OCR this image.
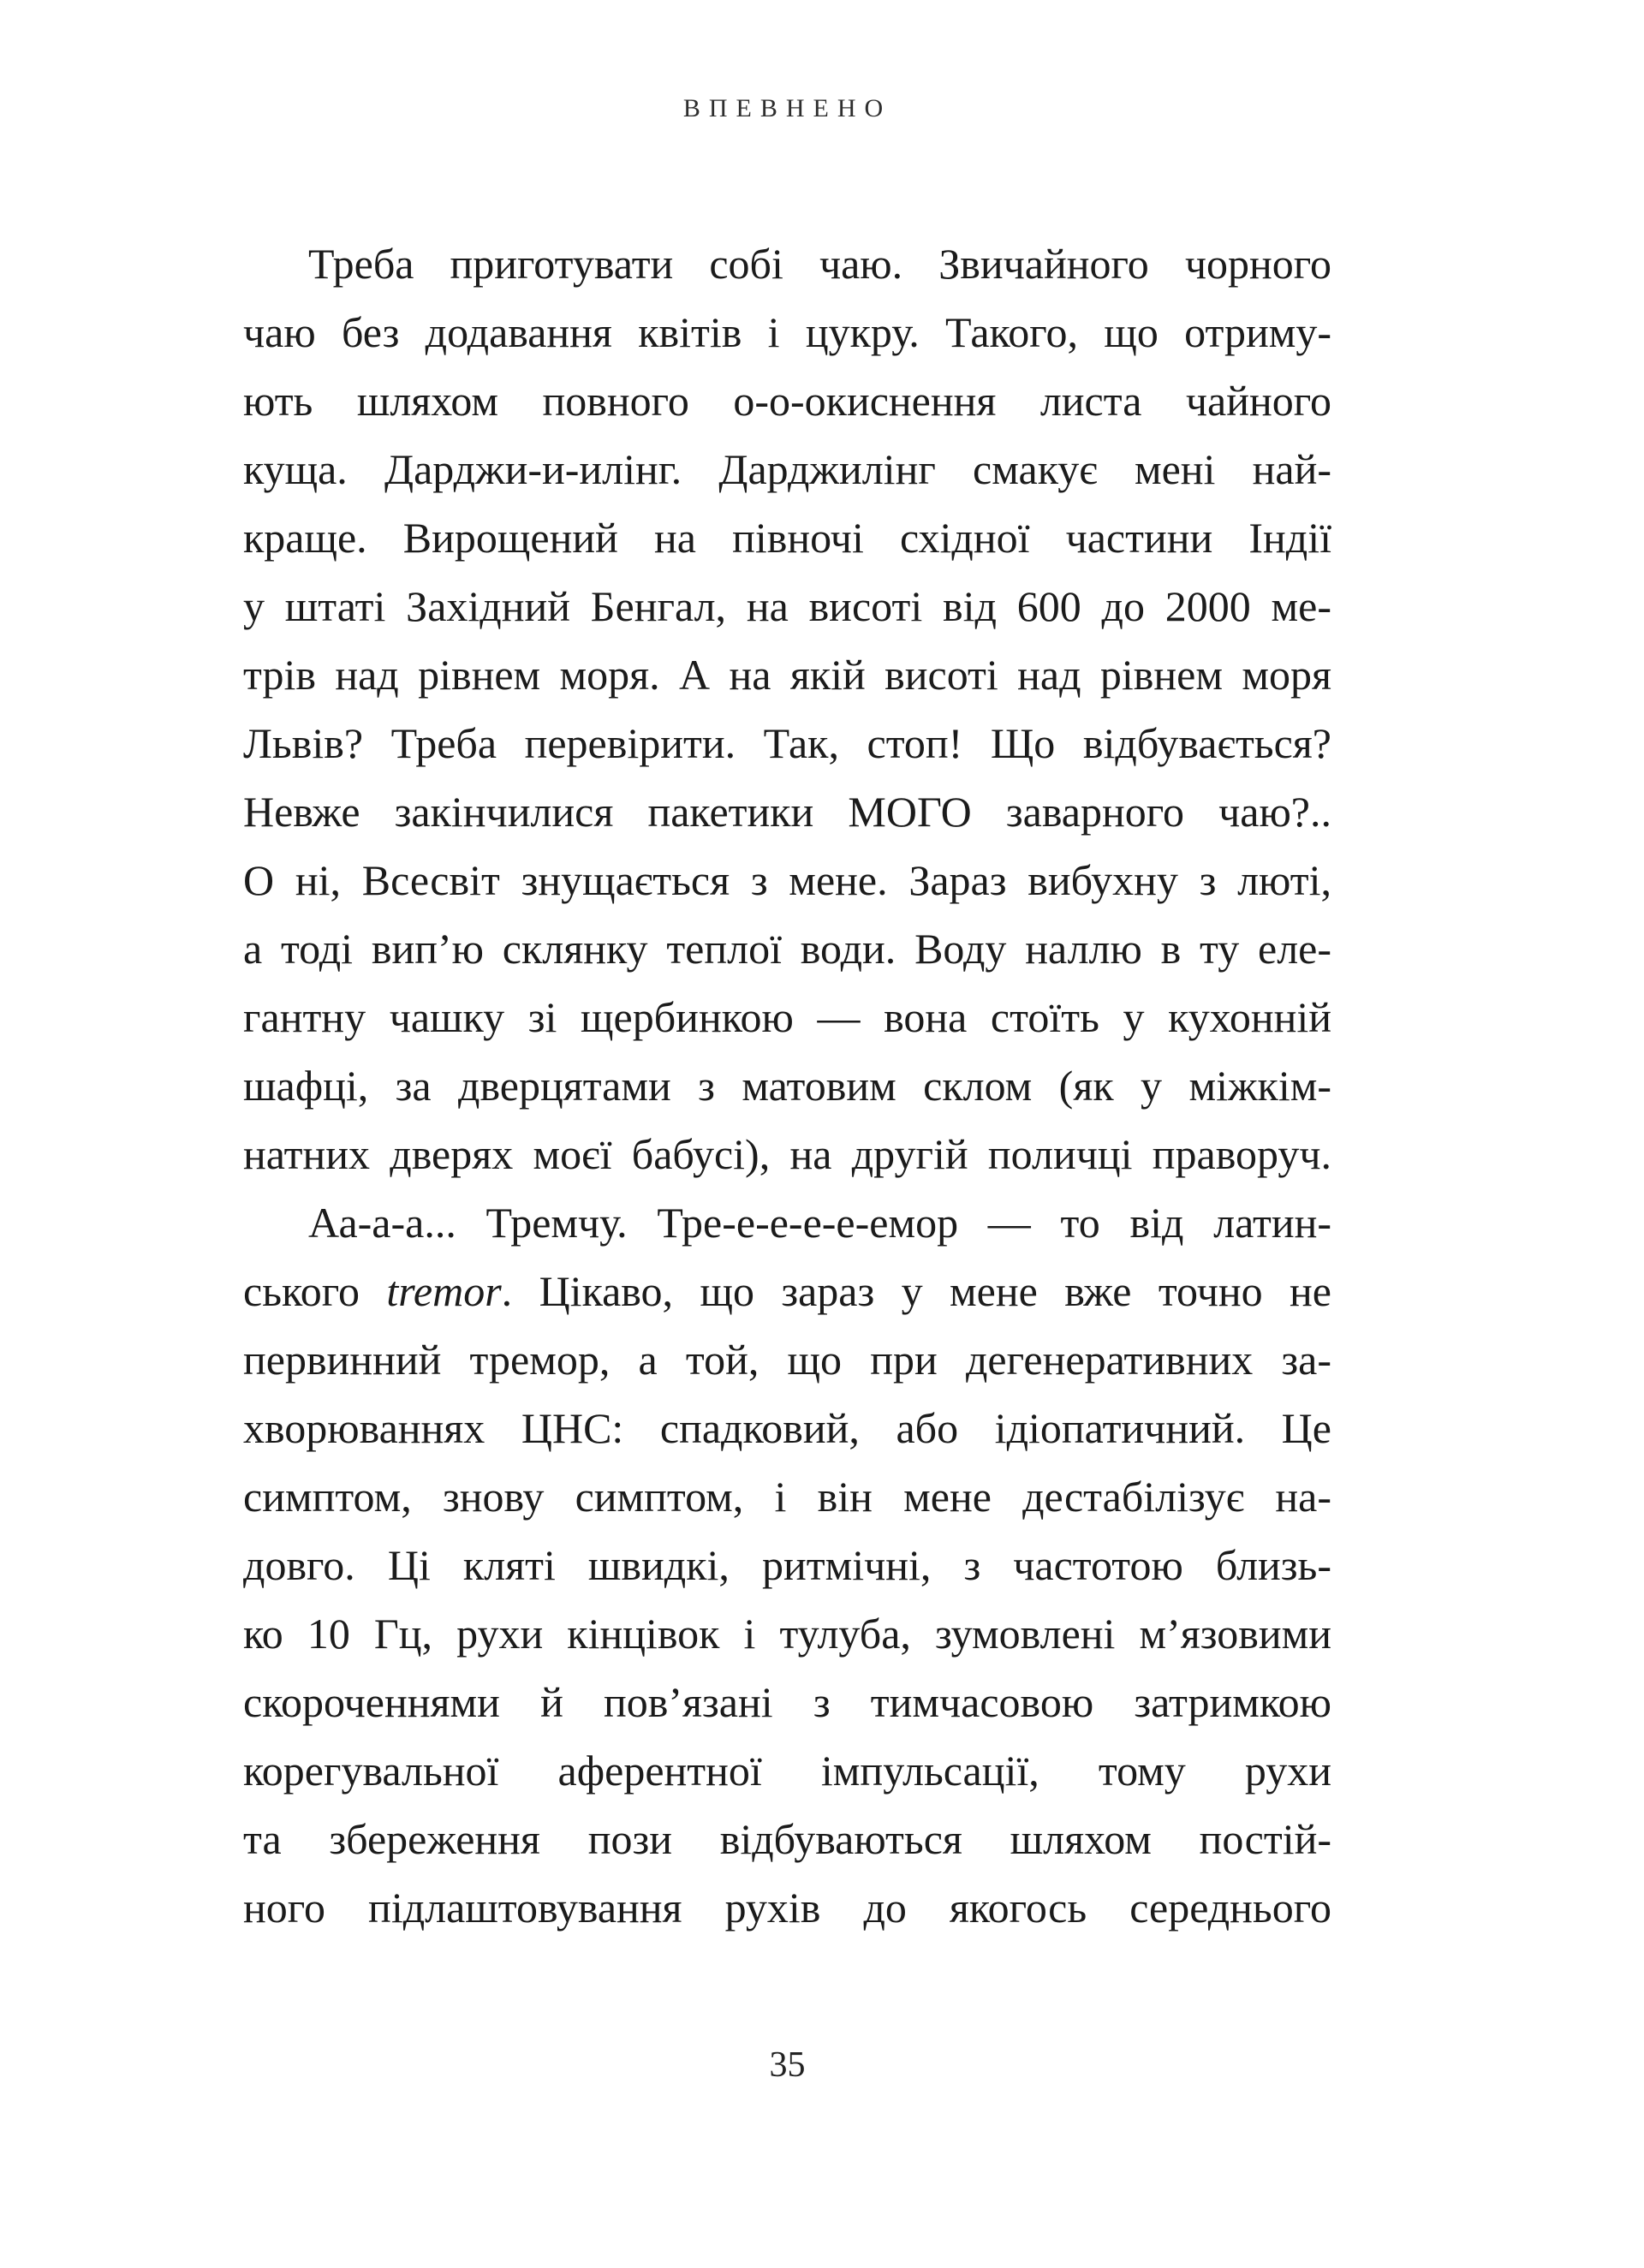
ВПЕВНЕНО
Треба приготувати собі чаю. Звичайного чорного
чаю без додавання квітів і цукру. Такого, що отриму-
ють шляхом повного о-о-окиснення листа чайного
куща. Дарджи-и-илінг. Дарджилінг смакує мені най-
краще. Вирощений на півночі східної частини Індії
у штаті Західний Бенгал, на висоті від 600 до 2000 ме-
трів над рівнем моря. А на якій висоті над рівнем моря
Львів? Треба перевірити. Так, стоп! Що відбувається?
Невже закінчилися пакетики МОГО заварного чаю?..
О ні, Всесвіт знущається з мене. Зараз вибухну з люті,
а тоді вип’ю склянку теплої води. Воду наллю в ту еле-
гантну чашку зі щербинкою — вона стоїть у кухонній
шафці, за дверцятами з матовим склом (як у міжкім-
натних дверях моєї бабусі), на другій поличці праворуч.
Аа-а-а... Тремчу. Тре-е-е-е-е-емор — то від латин-
ського tremor. Цікаво, що зараз у мене вже точно не
первинний тремор, а той, що при дегенеративних за-
хворюваннях ЦНС: спадковий, або ідіопатичний. Це
симптом, знову симптом, і він мене дестабілізує на-
довго. Ці кляті швидкі, ритмічні, з частотою близь-
ко 10 Гц, рухи кінцівок і тулуба, зумовлені м’язовими
скороченнями й пов’язані з тимчасовою затримкою
корегувальної аферентної імпульсації, тому рухи
та збереження пози відбуваються шляхом постій-
ного підлаштовування рухів до якогось середнього
35
